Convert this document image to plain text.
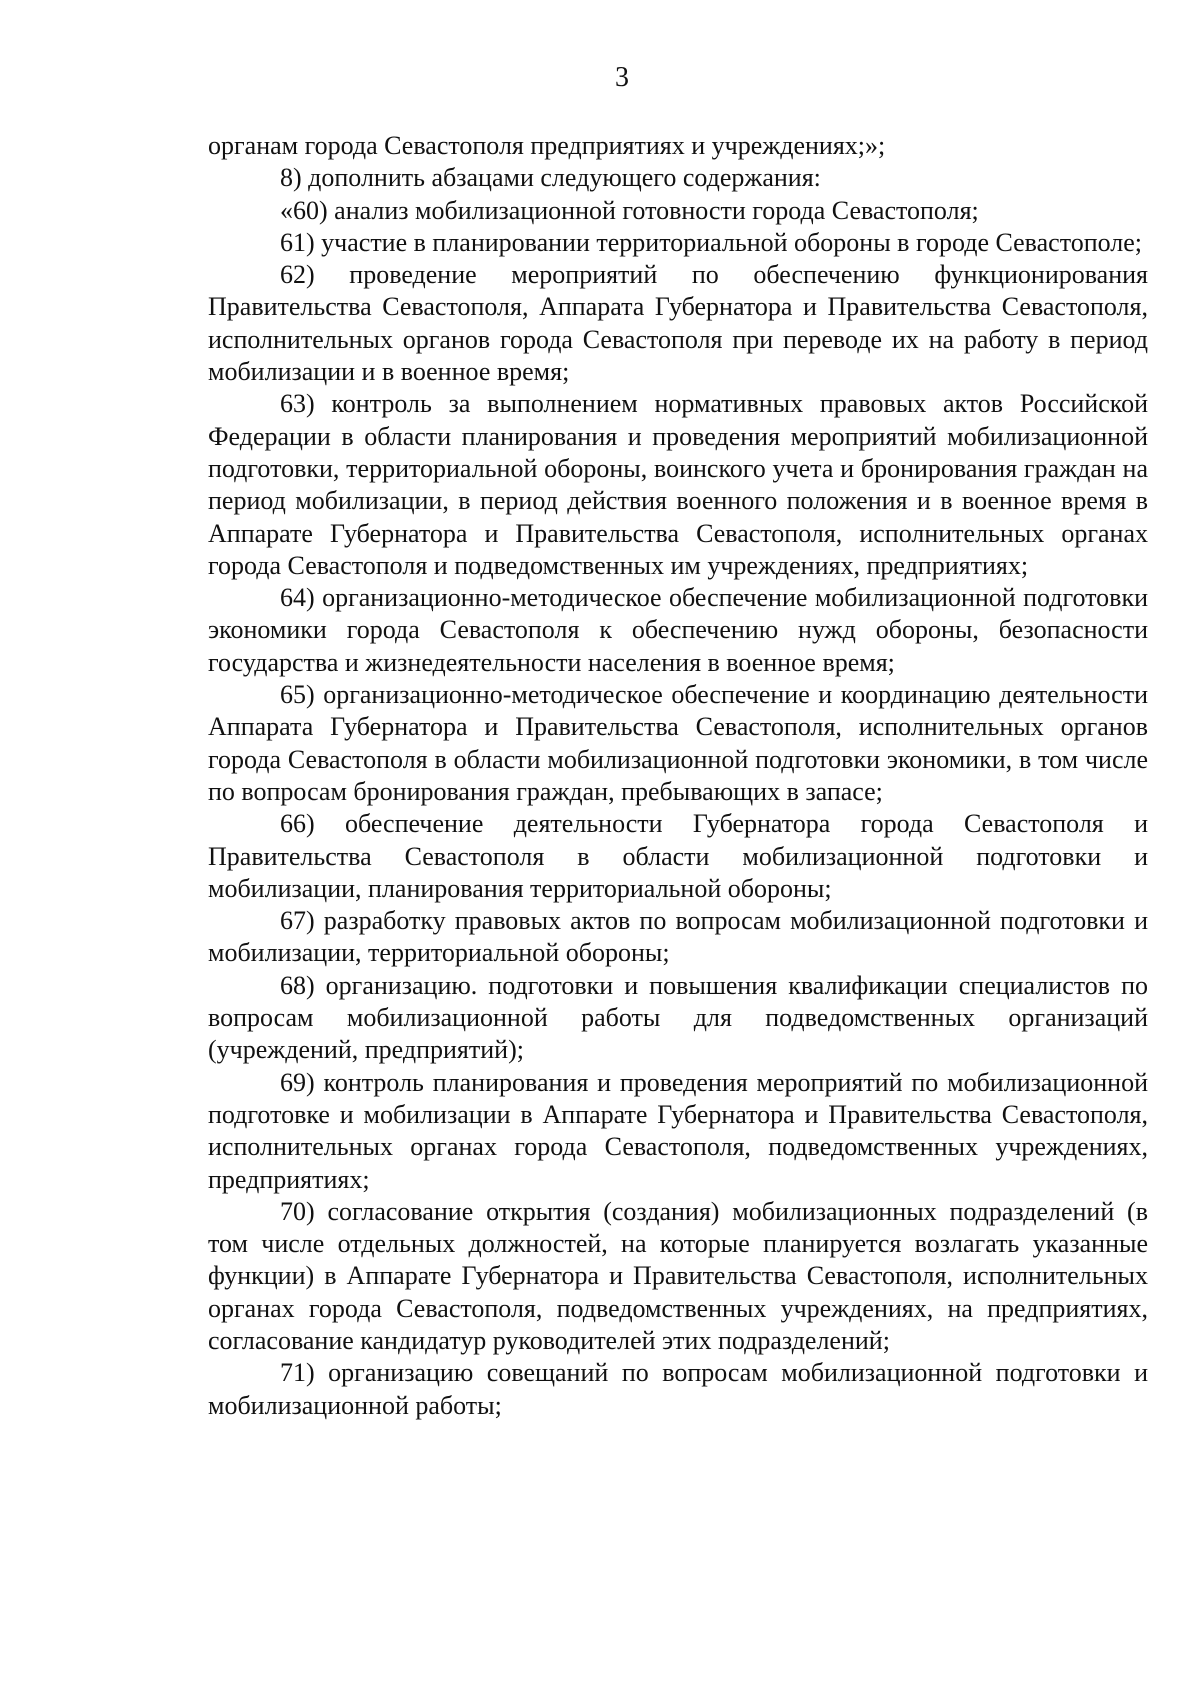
3

органам города Севастополя предприятиях и учреждениях;»;

8) дополнить абзацами следующего содержания:

«60) анализ мобилизационной готовности города Севастополя;

61) участие в планировании территориальной обороны в городе Севастополе;

62) проведение мероприятий по обеспечению функционирования Правительства Севастополя, Аппарата Губернатора и Правительства Севастополя, исполнительных органов города Севастополя при переводе их на работу в период мобилизации и в военное время;

63) контроль за выполнением нормативных правовых актов Российской Федерации в области планирования и проведения мероприятий мобилизационной подготовки, территориальной обороны, воинского учета и бронирования граждан на период мобилизации, в период действия военного положения и в военное время в Аппарате Губернатора и Правительства Севастополя, исполнительных органах города Севастополя и подведомственных им учреждениях, предприятиях;

64) организационно-методическое обеспечение мобилизационной подготовки экономики города Севастополя к обеспечению нужд обороны, безопасности государства и жизнедеятельности населения в военное время;

65) организационно-методическое обеспечение и координацию деятельности Аппарата Губернатора и Правительства Севастополя, исполнительных органов города Севастополя в области мобилизационной подготовки экономики, в том числе по вопросам бронирования граждан, пребывающих в запасе;

66) обеспечение деятельности Губернатора города Севастополя и Правительства Севастополя в области мобилизационной подготовки и мобилизации, планирования территориальной обороны;

67) разработку правовых актов по вопросам мобилизационной подготовки и мобилизации, территориальной обороны;

68) организацию. подготовки и повышения квалификации специалистов по вопросам мобилизационной работы для подведомственных организаций (учреждений, предприятий);

69) контроль планирования и проведения мероприятий по мобилизационной подготовке и мобилизации в Аппарате Губернатора и Правительства Севастополя, исполнительных органах города Севастополя, подведомственных учреждениях, предприятиях;

70) согласование открытия (создания) мобилизационных подразделений (в том числе отдельных должностей, на которые планируется возлагать указанные функции) в Аппарате Губернатора и Правительства Севастополя, исполнительных органах города Севастополя, подведомственных учреждениях, на предприятиях, согласование кандидатур руководителей этих подразделений;

71) организацию совещаний по вопросам мобилизационной подготовки и мобилизационной работы;
